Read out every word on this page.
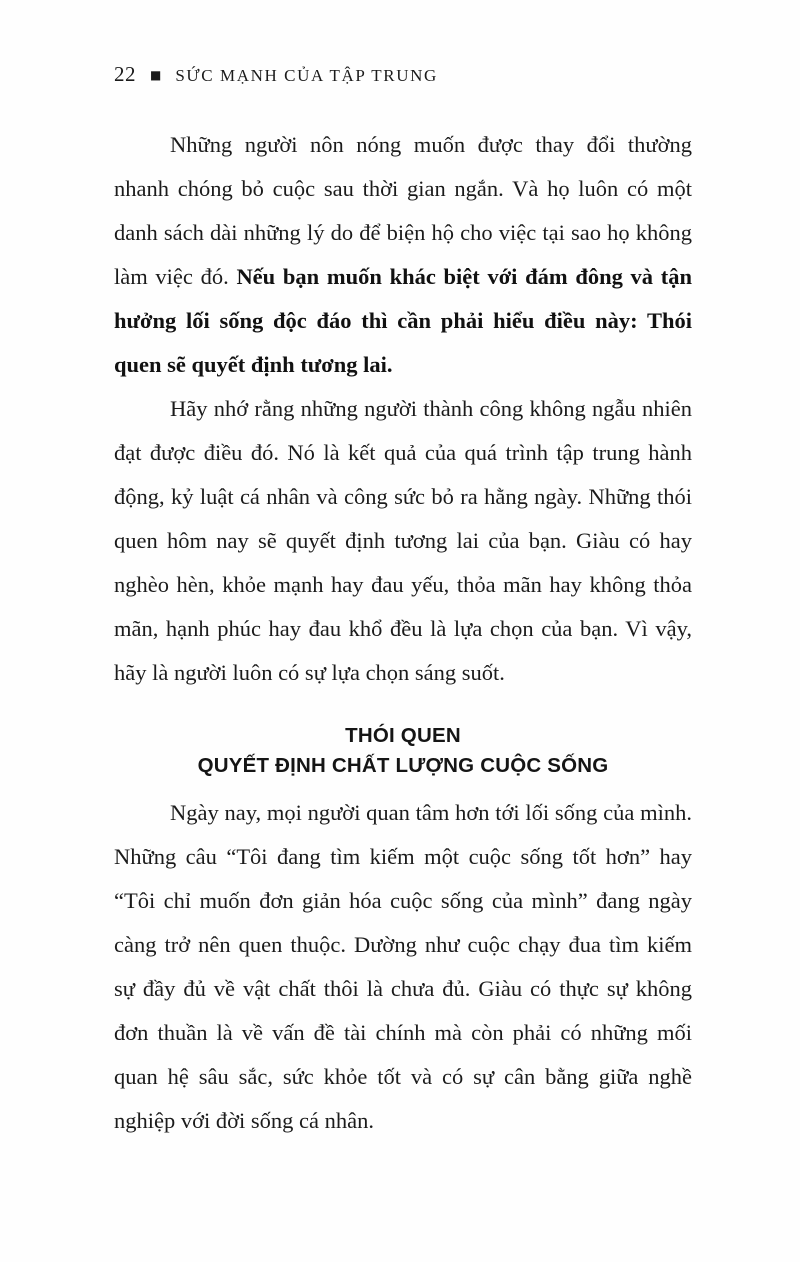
22 ■ SỨC MẠNH CỦA TẬP TRUNG

Những người nôn nóng muốn được thay đổi thường nhanh chóng bỏ cuộc sau thời gian ngắn. Và họ luôn có một danh sách dài những lý do để biện hộ cho việc tại sao họ không làm việc đó. Nếu bạn muốn khác biệt với đám đông và tận hưởng lối sống độc đáo thì cần phải hiểu điều này: Thói quen sẽ quyết định tương lai.

Hãy nhớ rằng những người thành công không ngẫu nhiên đạt được điều đó. Nó là kết quả của quá trình tập trung hành động, kỷ luật cá nhân và công sức bỏ ra hằng ngày. Những thói quen hôm nay sẽ quyết định tương lai của bạn. Giàu có hay nghèo hèn, khỏe mạnh hay đau yếu, thỏa mãn hay không thỏa mãn, hạnh phúc hay đau khổ đều là lựa chọn của bạn. Vì vậy, hãy là người luôn có sự lựa chọn sáng suốt.

THÓI QUEN
QUYẾT ĐỊNH CHẤT LƯỢNG CUỘC SỐNG

Ngày nay, mọi người quan tâm hơn tới lối sống của mình. Những câu “Tôi đang tìm kiếm một cuộc sống tốt hơn” hay “Tôi chỉ muốn đơn giản hóa cuộc sống của mình” đang ngày càng trở nên quen thuộc. Dường như cuộc chạy đua tìm kiếm sự đầy đủ về vật chất thôi là chưa đủ. Giàu có thực sự không đơn thuần là về vấn đề tài chính mà còn phải có những mối quan hệ sâu sắc, sức khỏe tốt và có sự cân bằng giữa nghề nghiệp với đời sống cá nhân.
